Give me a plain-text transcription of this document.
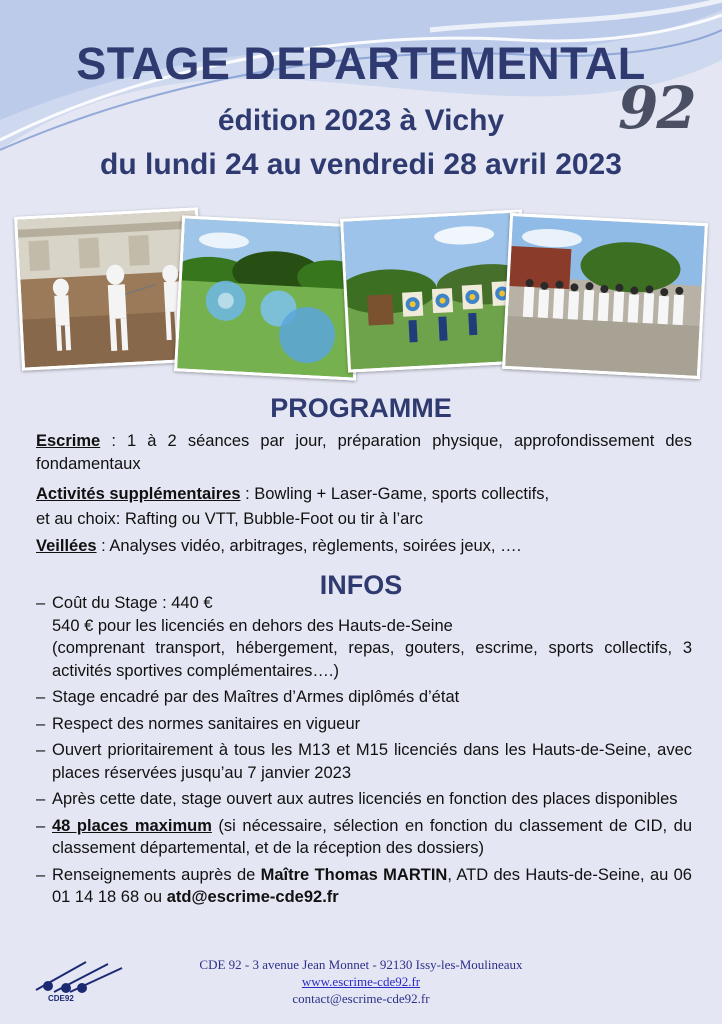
STAGE DEPARTEMENTAL
92
édition 2023 à Vichy
du lundi 24 au vendredi 28 avril 2023
PROGRAMME
Escrime : 1 à 2 séances par jour, préparation physique, approfondissement des fondamentaux
Activités supplémentaires : Bowling + Laser-Game, sports collectifs,
et au choix: Rafting ou VTT, Bubble-Foot ou tir à l’arc
Veillées : Analyses vidéo, arbitrages, règlements, soirées jeux, ….
INFOS
– Coût du Stage : 440 €
540 € pour les licenciés en dehors des Hauts-de-Seine
(comprenant transport, hébergement, repas, gouters, escrime, sports collectifs, 3 activités sportives complémentaires….)
– Stage encadré par des Maîtres d’Armes diplômés d’état
– Respect des normes sanitaires en vigueur
– Ouvert prioritairement à tous les M13 et M15 licenciés dans les Hauts-de-Seine, avec places réservées jusqu’au 7 janvier 2023
– Après cette date, stage ouvert aux autres licenciés en fonction des places disponibles
– 48 places maximum (si nécessaire, sélection en fonction du classement de CID, du classement départemental, et de la réception des dossiers)
– Renseignements auprès de Maître Thomas MARTIN, ATD des Hauts-de-Seine, au 06 01 14 18 68 ou atd@escrime-cde92.fr
CDE92
CDE 92 - 3 avenue Jean Monnet - 92130 Issy-les-Moulineaux
www.escrime-cde92.fr
contact@escrime-cde92.fr
